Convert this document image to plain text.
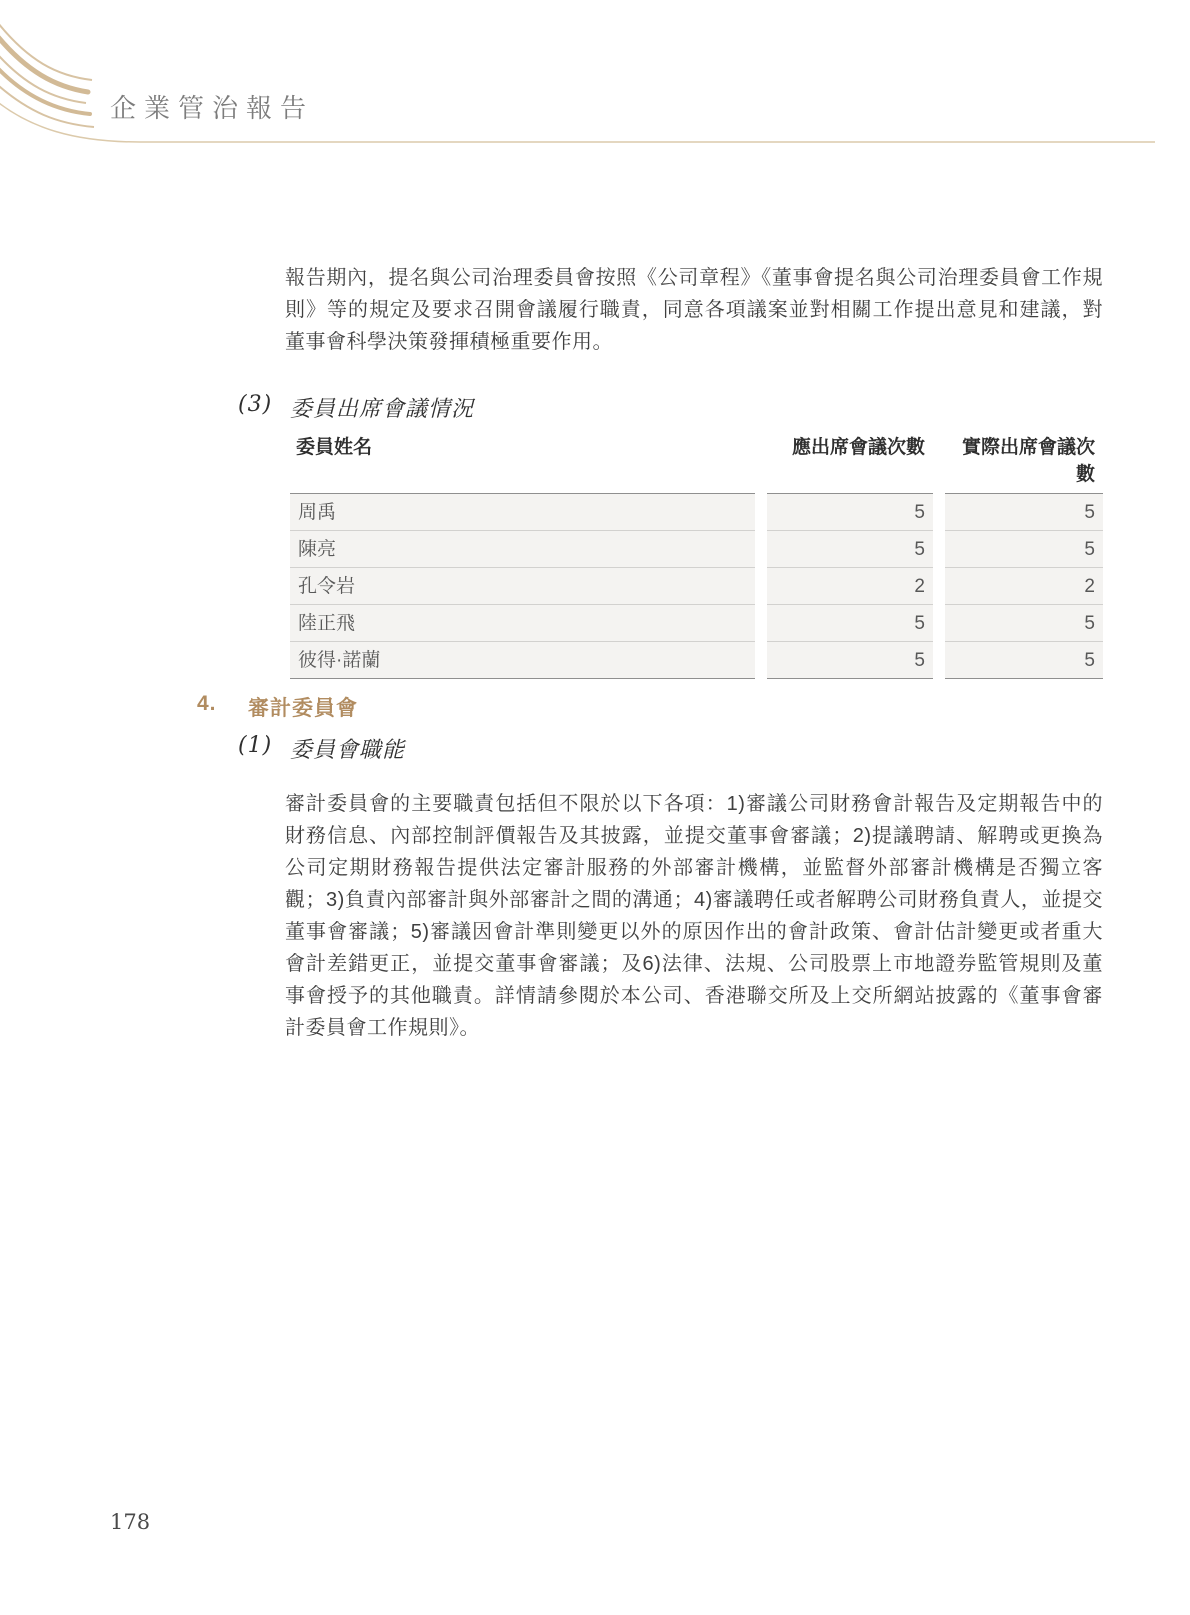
企業管治報告
報告期內，提名與公司治理委員會按照《公司章程》《董事會提名與公司治理委員會工作規則》等的規定及要求召開會議履行職責，同意各項議案並對相關工作提出意見和建議，對董事會科學決策發揮積極重要作用。
(3) 委員出席會議情況
委員姓名	應出席會議次數	實際出席會議次數
周禹	5	5
陳亮	5	5
孔令岩	2	2
陸正飛	5	5
彼得·諾蘭	5	5
4.	審計委員會
(1) 委員會職能
審計委員會的主要職責包括但不限於以下各項：1)審議公司財務會計報告及定期報告中的財務信息、內部控制評價報告及其披露，並提交董事會審議；2)提議聘請、解聘或更換為公司定期財務報告提供法定審計服務的外部審計機構，並監督外部審計機構是否獨立客觀；3)負責內部審計與外部審計之間的溝通；4)審議聘任或者解聘公司財務負責人，並提交董事會審議；5)審議因會計準則變更以外的原因作出的會計政策、會計估計變更或者重大會計差錯更正，並提交董事會審議；及6)法律、法規、公司股票上市地證券監管規則及董事會授予的其他職責。詳情請參閱於本公司、香港聯交所及上交所網站披露的《董事會審計委員會工作規則》。
178
